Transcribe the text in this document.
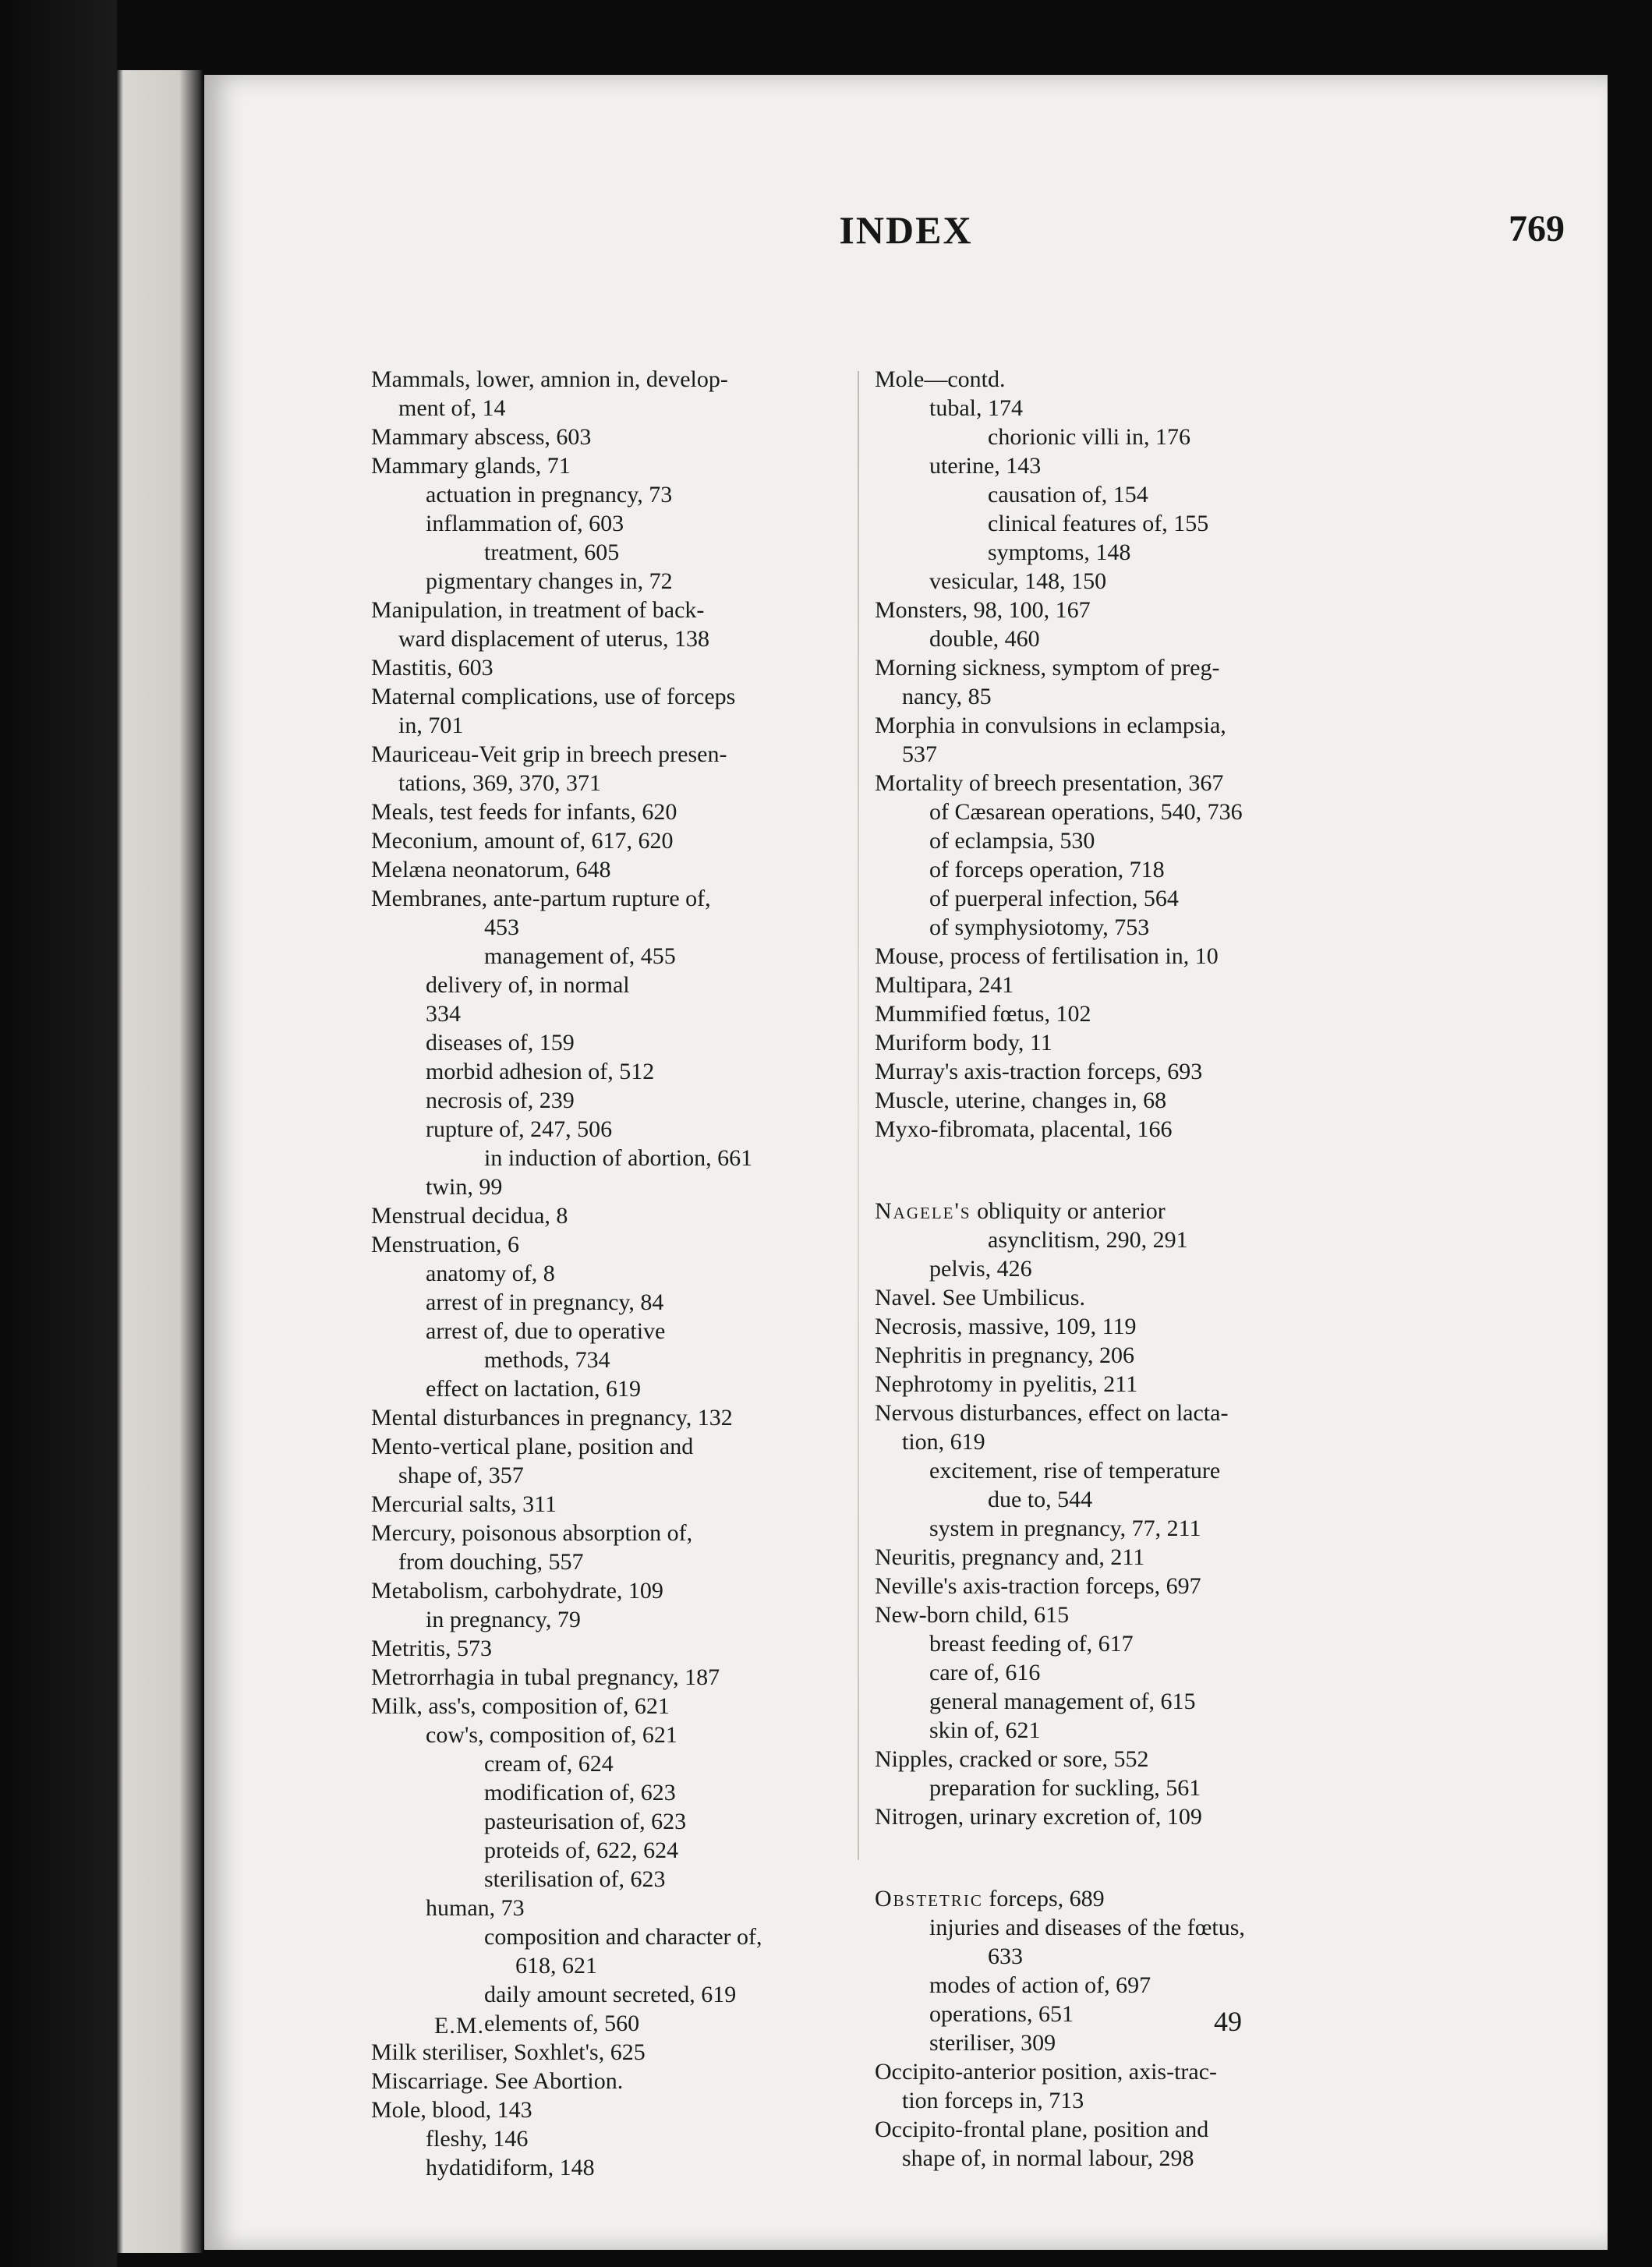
INDEX	769
Mammals, lower, amnion in, develop-
ment of, 14
Mammary abscess, 603
Mammary glands, 71
actuation in pregnancy, 73
inflammation of, 603
treatment, 605
pigmentary changes in, 72
Manipulation, in treatment of back-
ward displacement of uterus, 138
Mastitis, 603
Maternal complications, use of forceps
in, 701
Mauriceau-Veit grip in breech presen-
tations, 369, 370, 371
Meals, test feeds for infants, 620
Meconium, amount of, 617, 620
Melæna neonatorum, 648
Membranes, ante-partum rupture of,
453
management of, 455
delivery of, in normal
334
diseases of, 159
morbid adhesion of, 512
necrosis of, 239
rupture of, 247, 506
in induction of abortion, 661
twin, 99
Menstrual decidua, 8
Menstruation, 6
anatomy of, 8
arrest of in pregnancy, 84
arrest of, due to operative
methods, 734
effect on lactation, 619
Mental disturbances in pregnancy, 132
Mento-vertical plane, position and
shape of, 357
Mercurial salts, 311
Mercury, poisonous absorption of,
from douching, 557
Metabolism, carbohydrate, 109
in pregnancy, 79
Metritis, 573
Metrorrhagia in tubal pregnancy, 187
Milk, ass's, composition of, 621
cow's, composition of, 621
cream of, 624
modification of, 623
pasteurisation of, 623
proteids of, 622, 624
sterilisation of, 623
human, 73
composition and character of,
618, 621
daily amount secreted, 619
elements of, 560
Milk steriliser, Soxhlet's, 625
Miscarriage. See Abortion.
Mole, blood, 143
fleshy, 146
hydatidiform, 148
Mole—contd.
tubal, 174
chorionic villi in, 176
uterine, 143
causation of, 154
clinical features of, 155
symptoms, 148
vesicular, 148, 150
Monsters, 98, 100, 167
double, 460
Morning sickness, symptom of preg-
nancy, 85
Morphia in convulsions in eclampsia,
537
Mortality of breech presentation, 367
of Cæsarean operations, 540, 736
of eclampsia, 530
of forceps operation, 718
of puerperal infection, 564
of symphysiotomy, 753
Mouse, process of fertilisation in, 10
Multipara, 241
Mummified fœtus, 102
Muriform body, 11
Murray's axis-traction forceps, 693
Muscle, uterine, changes in, 68
Myxo-fibromata, placental, 166
Nagele's obliquity or anterior
asynclitism, 290, 291
pelvis, 426
Navel. See Umbilicus.
Necrosis, massive, 109, 119
Nephritis in pregnancy, 206
Nephrotomy in pyelitis, 211
Nervous disturbances, effect on lacta-
tion, 619
excitement, rise of temperature
due to, 544
system in pregnancy, 77, 211
Neuritis, pregnancy and, 211
Neville's axis-traction forceps, 697
New-born child, 615
breast feeding of, 617
care of, 616
general management of, 615
skin of, 621
Nipples, cracked or sore, 552
preparation for suckling, 561
Nitrogen, urinary excretion of, 109
Obstetric forceps, 689
injuries and diseases of the fœtus,
633
modes of action of, 697
operations, 651
steriliser, 309
Occipito-anterior position, axis-trac-
tion forceps in, 713
Occipito-frontal plane, position and
shape of, in normal labour, 298
E.M.	49
